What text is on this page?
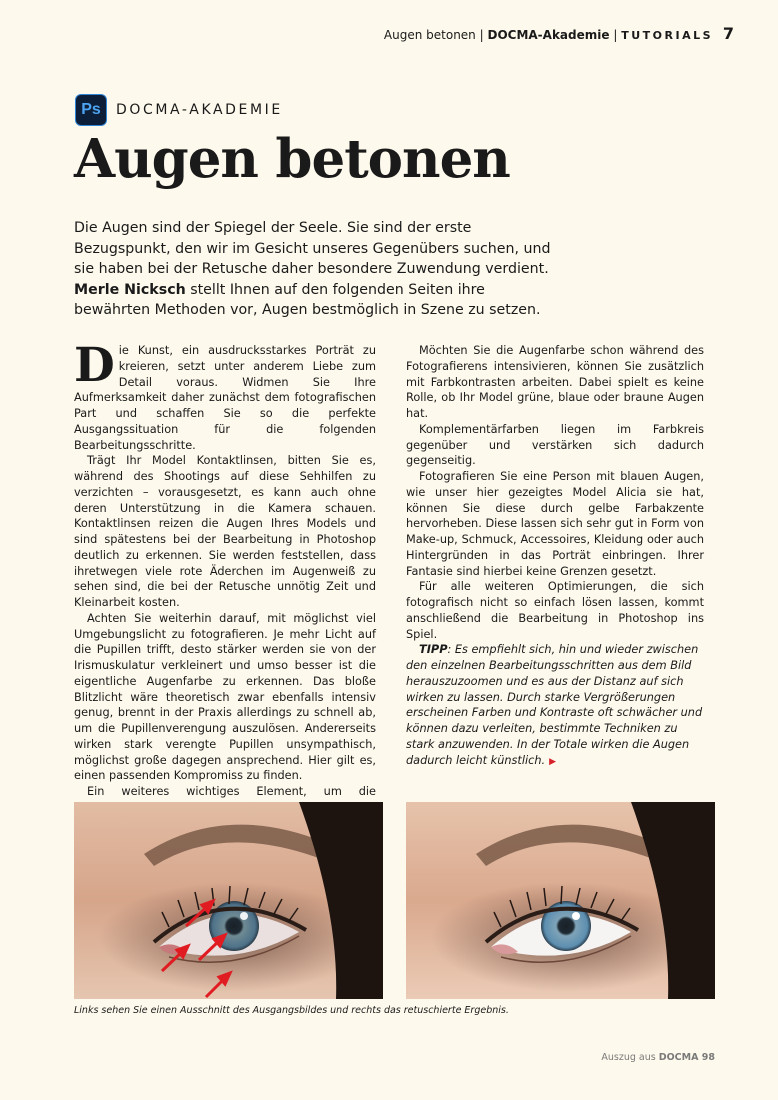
Augen betonen | DOCMA-Akademie | TUTORIALS 7
Ps	DOCMA-AKADEMIE
Augen betonen
Die Augen sind der Spiegel der Seele. Sie sind der erste Bezugspunkt, den wir im Gesicht unseres Gegenübers suchen, und sie haben bei der Retusche daher besondere Zuwendung verdient. Merle Nicksch stellt Ihnen auf den folgenden Seiten ihre bewährten Methoden vor, Augen bestmöglich in Szene zu setzen.

Die Kunst, ein ausdrucksstarkes Porträt zu kreieren, setzt unter anderem Liebe zum Detail voraus. Widmen Sie Ihre Aufmerksamkeit daher zunächst dem fotografischen Part und schaffen Sie so die perfekte Ausgangssituation für die folgenden Bearbeitungsschritte.

Trägt Ihr Model Kontaktlinsen, bitten Sie es, während des Shootings auf diese Sehhilfen zu verzichten – vorausgesetzt, es kann auch ohne deren Unterstützung in die Kamera schauen. Kontaktlinsen reizen die Augen Ihres Models und sind spätestens bei der Bearbeitung in Photoshop deutlich zu erkennen. Sie werden feststellen, dass ihretwegen viele rote Äderchen im Augenweiß zu sehen sind, die bei der Retusche unnötig Zeit und Kleinarbeit kosten.

Achten Sie weiterhin darauf, mit möglichst viel Umgebungslicht zu fotografieren. Je mehr Licht auf die Pupillen trifft, desto stärker werden sie von der Irismuskulatur verkleinert und umso besser ist die eigentliche Augenfarbe zu erkennen. Das bloße Blitzlicht wäre theoretisch zwar ebenfalls intensiv genug, brennt in der Praxis allerdings zu schnell ab, um die Pupillenverengung auszulösen. Andererseits wirken stark verengte Pupillen unsympathisch, möglichst große dagegen ansprechend. Hier gilt es, einen passenden Kompromiss zu finden.

Ein weiteres wichtiges Element, um die

Möchten Sie die Augenfarbe schon während des Fotografierens intensivieren, können Sie zusätzlich mit Farbkontrasten arbeiten. Dabei spielt es keine Rolle, ob Ihr Model grüne, blaue oder braune Augen hat.

Komplementärfarben liegen im Farbkreis gegenüber und verstärken sich dadurch gegenseitig.

Fotografieren Sie eine Person mit blauen Augen, wie unser hier gezeigtes Model Alicia sie hat, können Sie diese durch gelbe Farbakzente hervorheben. Diese lassen sich sehr gut in Form von Make-up, Schmuck, Accessoires, Kleidung oder auch Hintergründen in das Porträt einbringen. Ihrer Fantasie sind hierbei keine Grenzen gesetzt.

Für alle weiteren Optimierungen, die sich fotografisch nicht so einfach lösen lassen, kommt anschließend die Bearbeitung in Photoshop ins Spiel.

TIPP: Es empfiehlt sich, hin und wieder zwischen den einzelnen Bearbeitungsschritten aus dem Bild herauszuzoomen und es aus der Distanz auf sich wirken zu lassen. Durch starke Vergrößerungen erscheinen Farben und Kontraste oft schwächer und können dazu verleiten, bestimmte Techniken zu stark anzuwenden. In der Totale wirken die Augen dadurch leicht künstlich. ▶

Links sehen Sie einen Ausschnitt des Ausgangsbildes und rechts das retuschierte Ergebnis.
Auszug aus DOCMA 98
